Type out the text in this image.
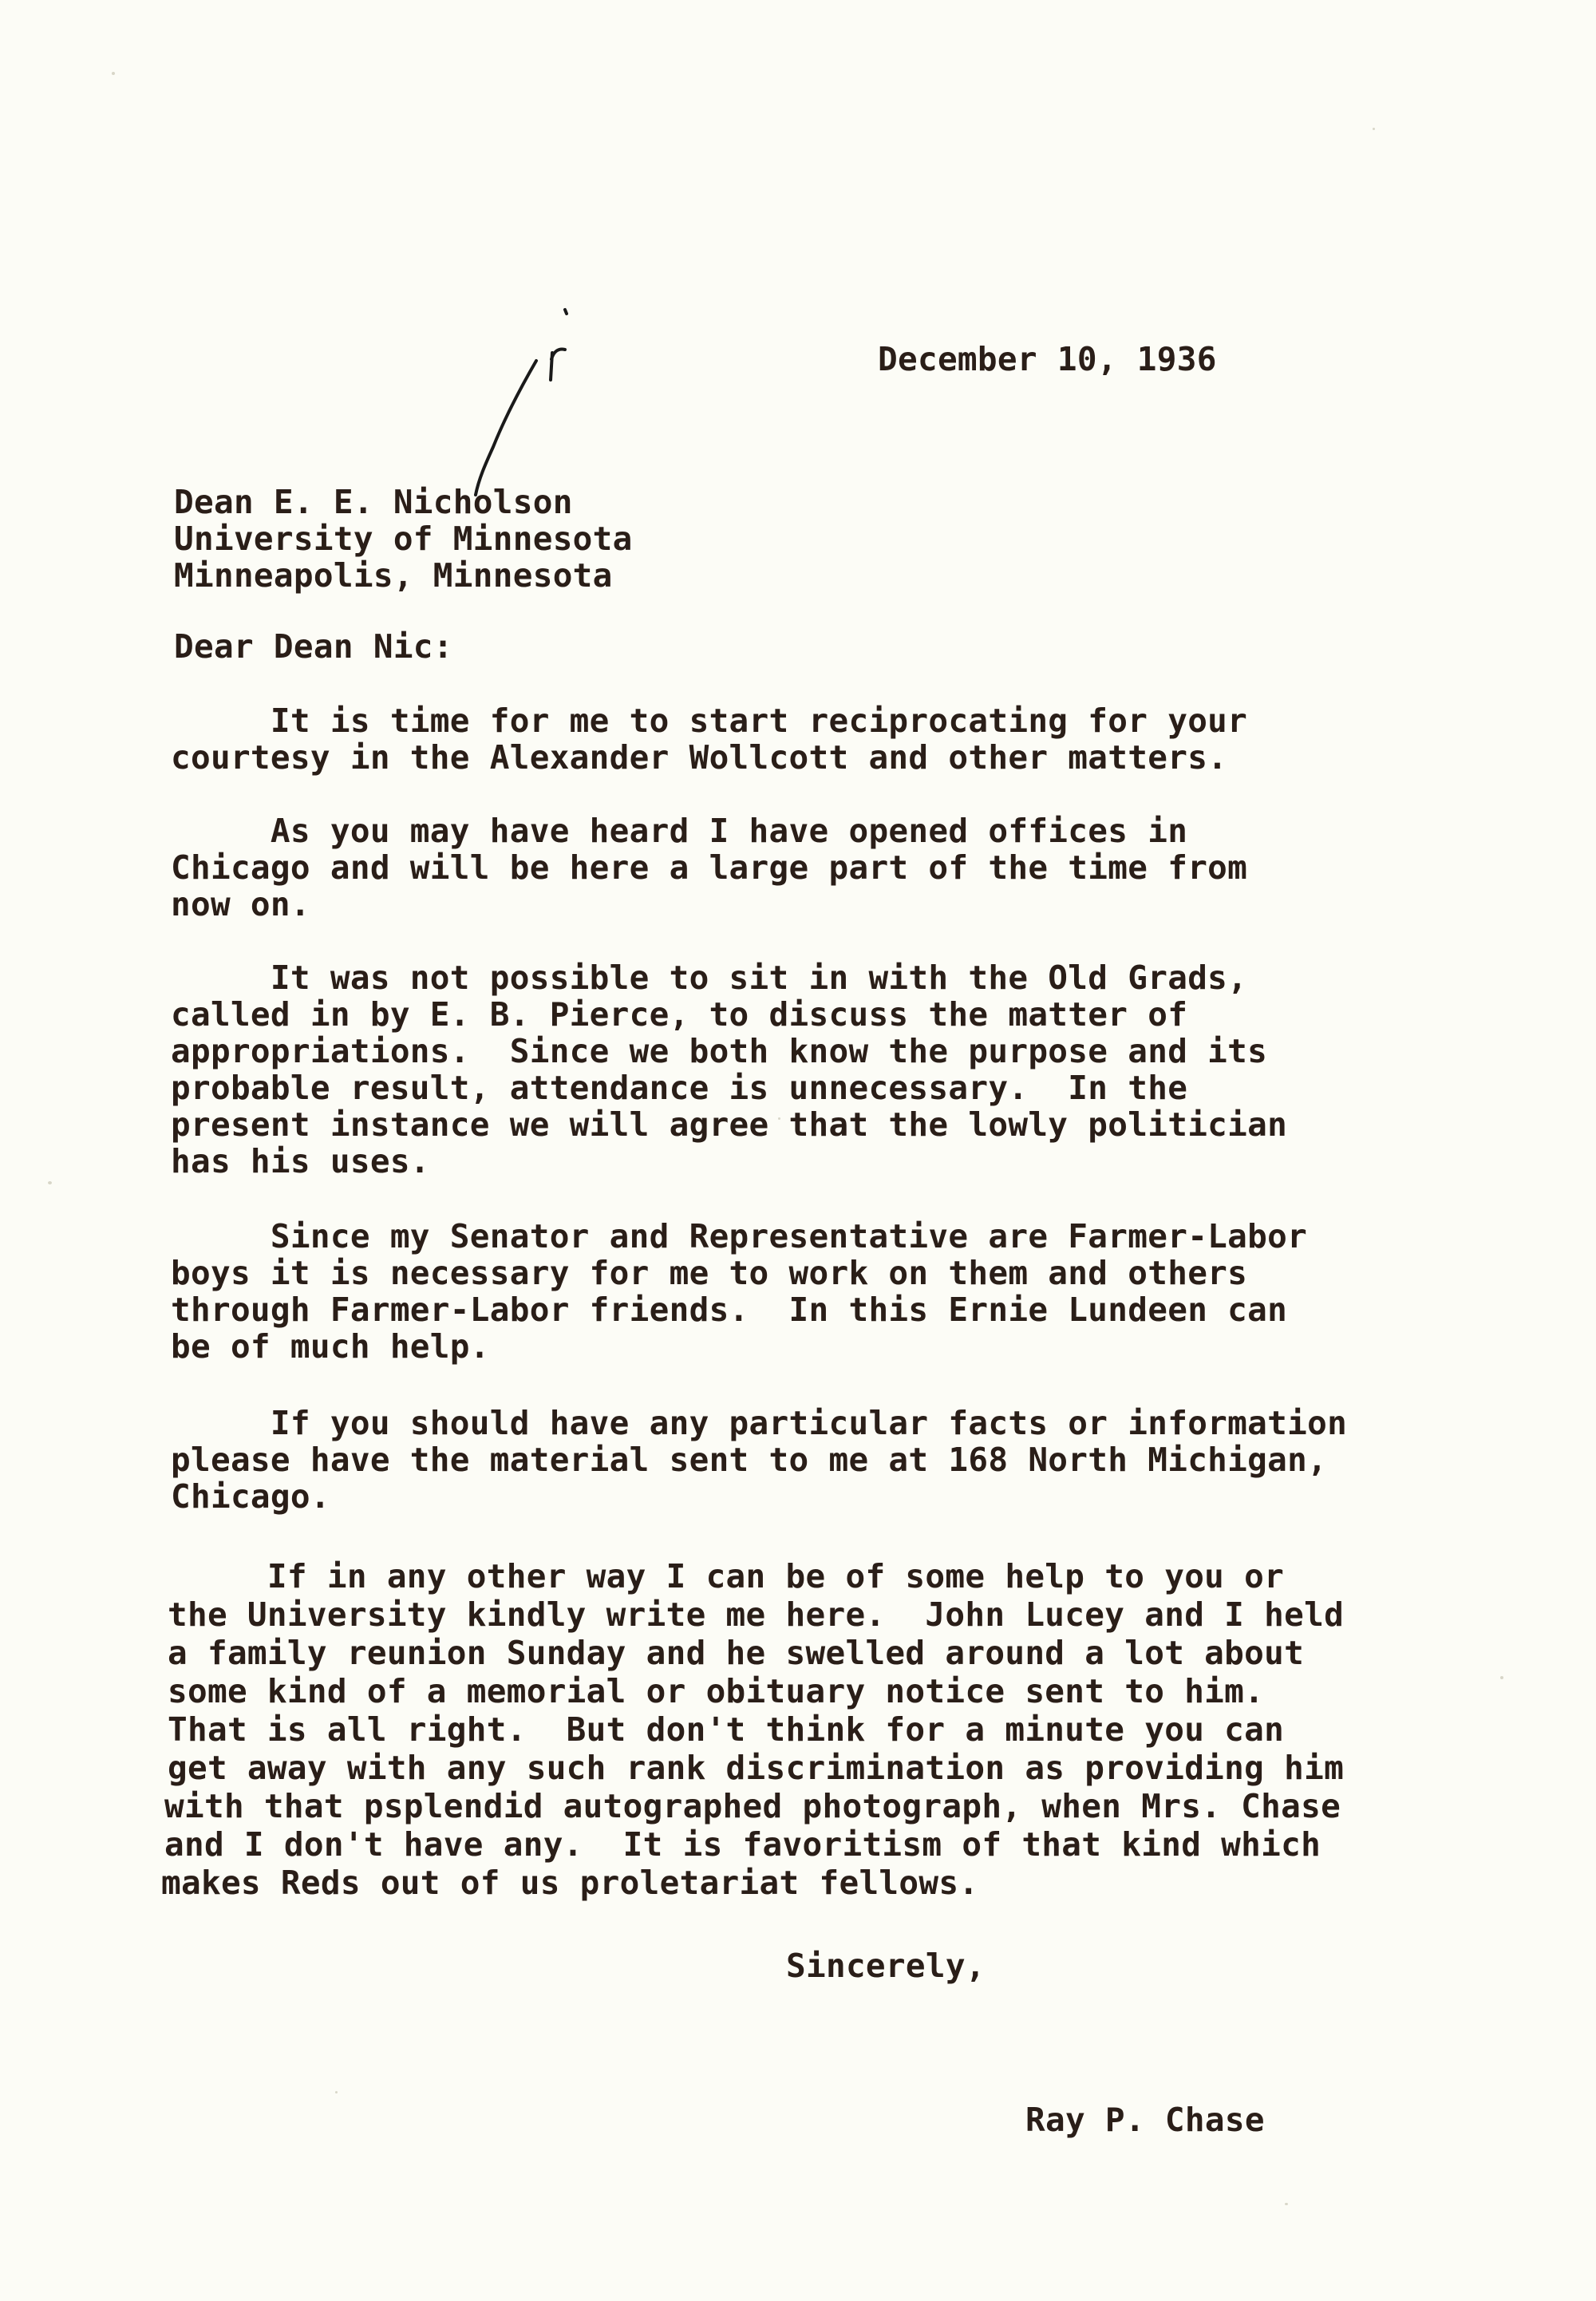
December 10, 1936
Dean E. E. Nicholson
University of Minnesota
Minneapolis, Minnesota
Dear Dean Nic:
It is time for me to start reciprocating for your
courtesy in the Alexander Wollcott and other matters.
As you may have heard I have opened offices in
Chicago and will be here a large part of the time from
now on.
It was not possible to sit in with the Old Grads,
called in by E. B. Pierce, to discuss the matter of
appropriations.  Since we both know the purpose and its
probable result, attendance is unnecessary.  In the
present instance we will agree that the lowly politician
has his uses.
Since my Senator and Representative are Farmer-Labor
boys it is necessary for me to work on them and others
through Farmer-Labor friends.  In this Ernie Lundeen can
be of much help.
If you should have any particular facts or information
please have the material sent to me at 168 North Michigan,
Chicago.
If in any other way I can be of some help to you or
the University kindly write me here.  John Lucey and I held
a family reunion Sunday and he swelled around a lot about
some kind of a memorial or obituary notice sent to him.
That is all right.  But don't think for a minute you can
get away with any such rank discrimination as providing him
with that psplendid autographed photograph, when Mrs. Chase
and I don't have any.  It is favoritism of that kind which
makes Reds out of us proletariat fellows.
Sincerely,
Ray P. Chase
